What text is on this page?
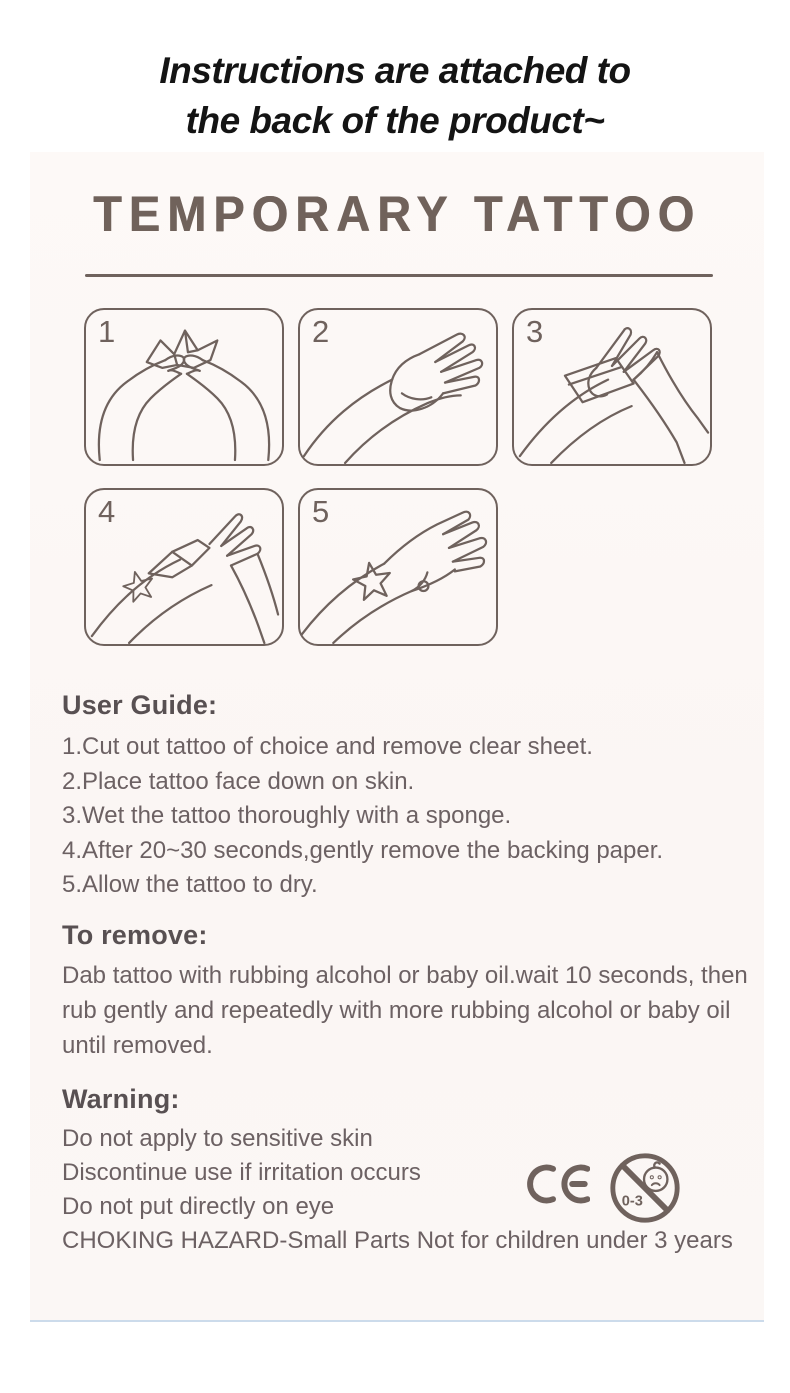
Instructions are attached to
the back of the product~
TEMPORARY TATTOO
1	2	3
4	5
User Guide:
1.Cut out tattoo of choice and remove clear sheet.
2.Place tattoo face down on skin.
3.Wet the tattoo thoroughly with a sponge.
4.After 20~30 seconds,gently remove the backing paper.
5.Allow the tattoo to dry.
To remove:
Dab tattoo with rubbing alcohol or baby oil.wait 10 seconds, then rub gently and repeatedly with more rubbing alcohol or baby oil until removed.
Warning:
Do not apply to sensitive skin
Discontinue use if irritation occurs
Do not put directly on eye
CHOKING HAZARD-Small Parts Not for children under 3 years
0-3
